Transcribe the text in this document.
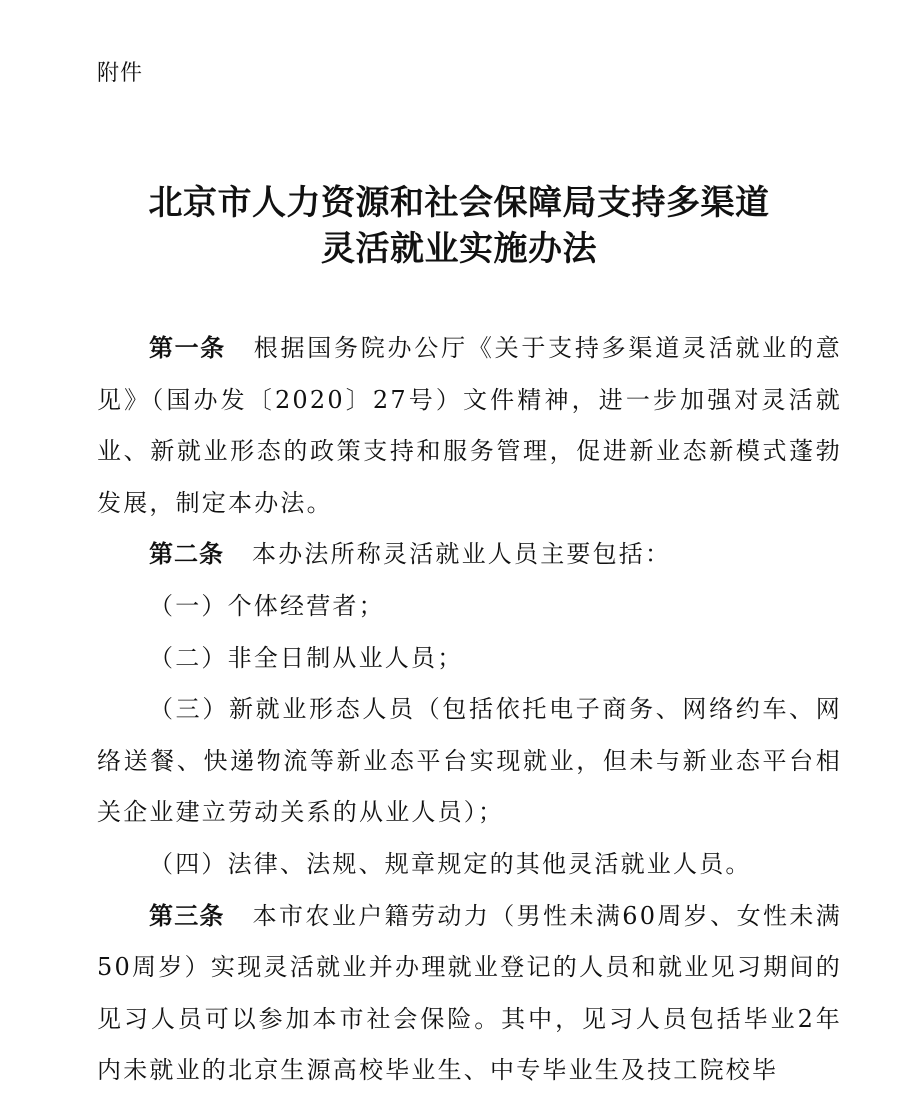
附件
北京市人力资源和社会保障局支持多渠道
灵活就业实施办法

第一条 根据国务院办公厅《关于支持多渠道灵活就业的意见》（国办发〔2020〕27号）文件精神，进一步加强对灵活就业、新就业形态的政策支持和服务管理，促进新业态新模式蓬勃发展，制定本办法。

第二条 本办法所称灵活就业人员主要包括：

（一）个体经营者；

（二）非全日制从业人员；

（三）新就业形态人员（包括依托电子商务、网络约车、网络送餐、快递物流等新业态平台实现就业，但未与新业态平台相关企业建立劳动关系的从业人员）；

（四）法律、法规、规章规定的其他灵活就业人员。

第三条 本市农业户籍劳动力（男性未满60周岁、女性未满50周岁）实现灵活就业并办理就业登记的人员和就业见习期间的见习人员可以参加本市社会保险。其中，见习人员包括毕业2年内未就业的北京生源高校毕业生、中专毕业生及技工院校毕
